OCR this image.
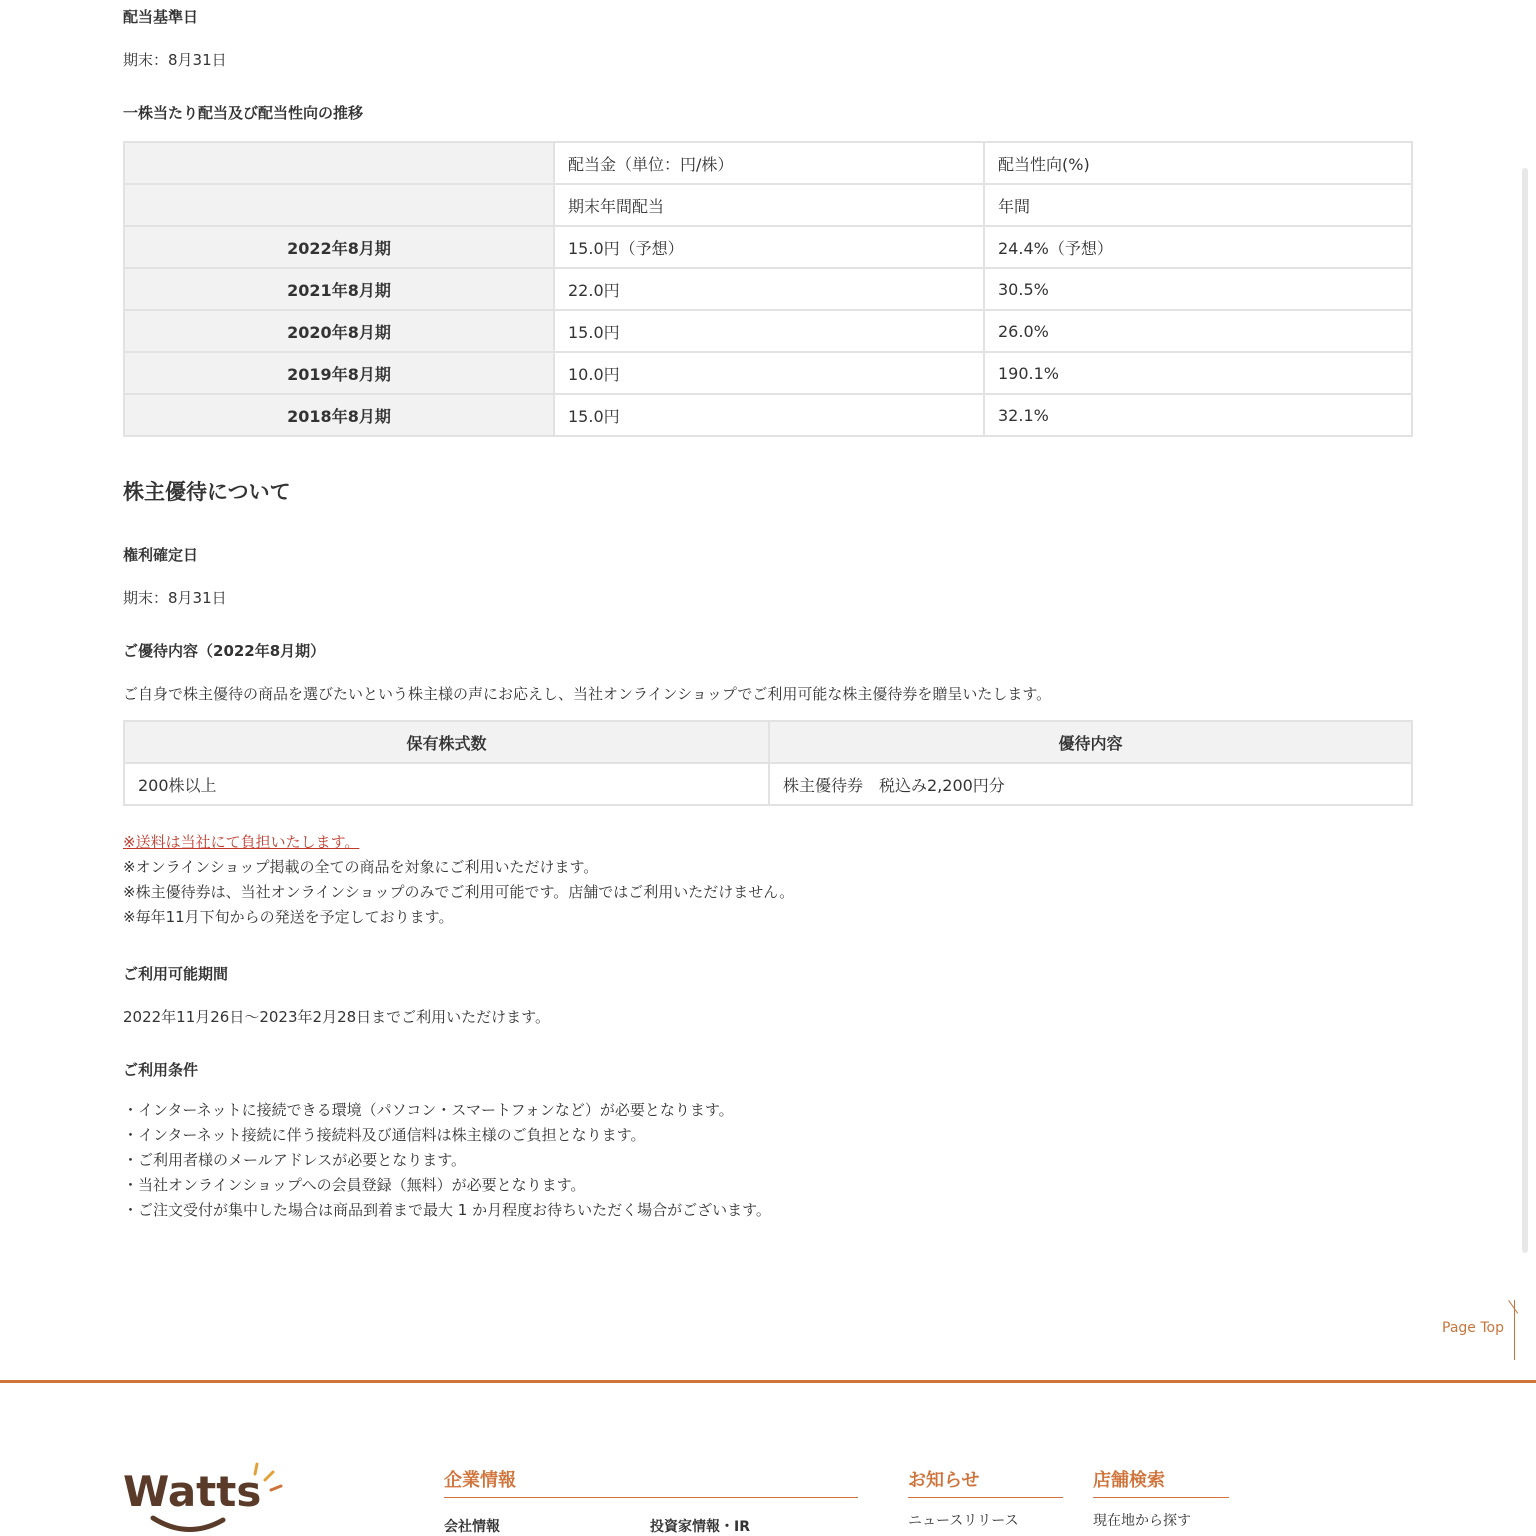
配当基準日
期末：8月31日
一株当たり配当及び配当性向の推移
	配当金（単位：円/株）	配当性向(%)
	期末年間配当	年間
2022年8月期	15.0円（予想）	24.4%（予想）
2021年8月期	22.0円	30.5%
2020年8月期	15.0円	26.0%
2019年8月期	10.0円	190.1%
2018年8月期	15.0円	32.1%
株主優待について
権利確定日
期末：8月31日
ご優待内容（2022年8月期）
ご自身で株主優待の商品を選びたいという株主様の声にお応えし、当社オンラインショップでご利用可能な株主優待券を贈呈いたします。
保有株式数	優待内容
200株以上	株主優待券　税込み2,200円分
※送料は当社にて負担いたします。
※オンラインショップ掲載の全ての商品を対象にご利用いただけます。
※株主優待券は、当社オンラインショップのみでご利用可能です。店舗ではご利用いただけません。
※毎年11月下旬からの発送を予定しております。
ご利用可能期間
2022年11月26日～2023年2月28日までご利用いただけます。
ご利用条件
・インターネットに接続できる環境（パソコン・スマートフォンなど）が必要となります。
・インターネット接続に伴う接続料及び通信料は株主様のご負担となります。
・ご利用者様のメールアドレスが必要となります。
・当社オンラインショップへの会員登録（無料）が必要となります。
・ご注文受付が集中した場合は商品到着まで最大 1 か月程度お待ちいただく場合がございます。
Page Top
Watts	企業情報
会社情報	投資家情報・IR
お知らせ
ニュースリリース
店舗検索
現在地から探す
